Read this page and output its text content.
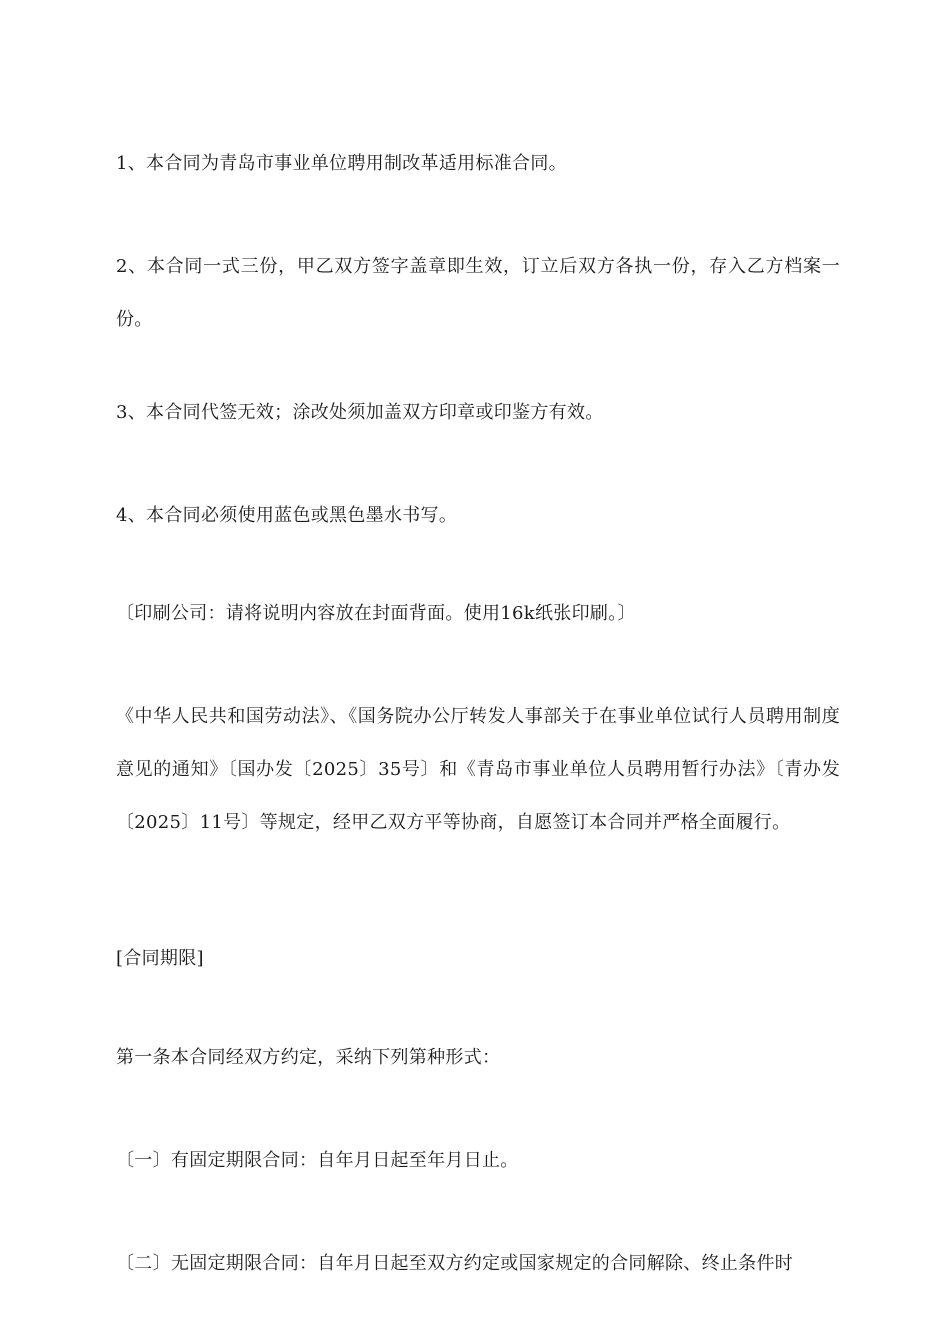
1、本合同为青岛市事业单位聘用制改革适用标准合同。

2、本合同一式三份，甲乙双方签字盖章即生效，订立后双方各执一份，存入乙方档案一份。

3、本合同代签无效；涂改处须加盖双方印章或印鉴方有效。

4、本合同必须使用蓝色或黑色墨水书写。

〔印刷公司：请将说明内容放在封面背面。使用16k纸张印刷。〕

《中华人民共和国劳动法》、《国务院办公厅转发人事部关于在事业单位试行人员聘用制度意见的通知》〔国办发〔2025〕35号〕和《青岛市事业单位人员聘用暂行办法》〔青办发〔2025〕11号〕等规定，经甲乙双方平等协商，自愿签订本合同并严格全面履行。

[合同期限]

第一条本合同经双方约定，采纳下列第种形式：

〔一〕有固定期限合同：自年月日起至年月日止。

〔二〕无固定期限合同：自年月日起至双方约定或国家规定的合同解除、终止条件时
